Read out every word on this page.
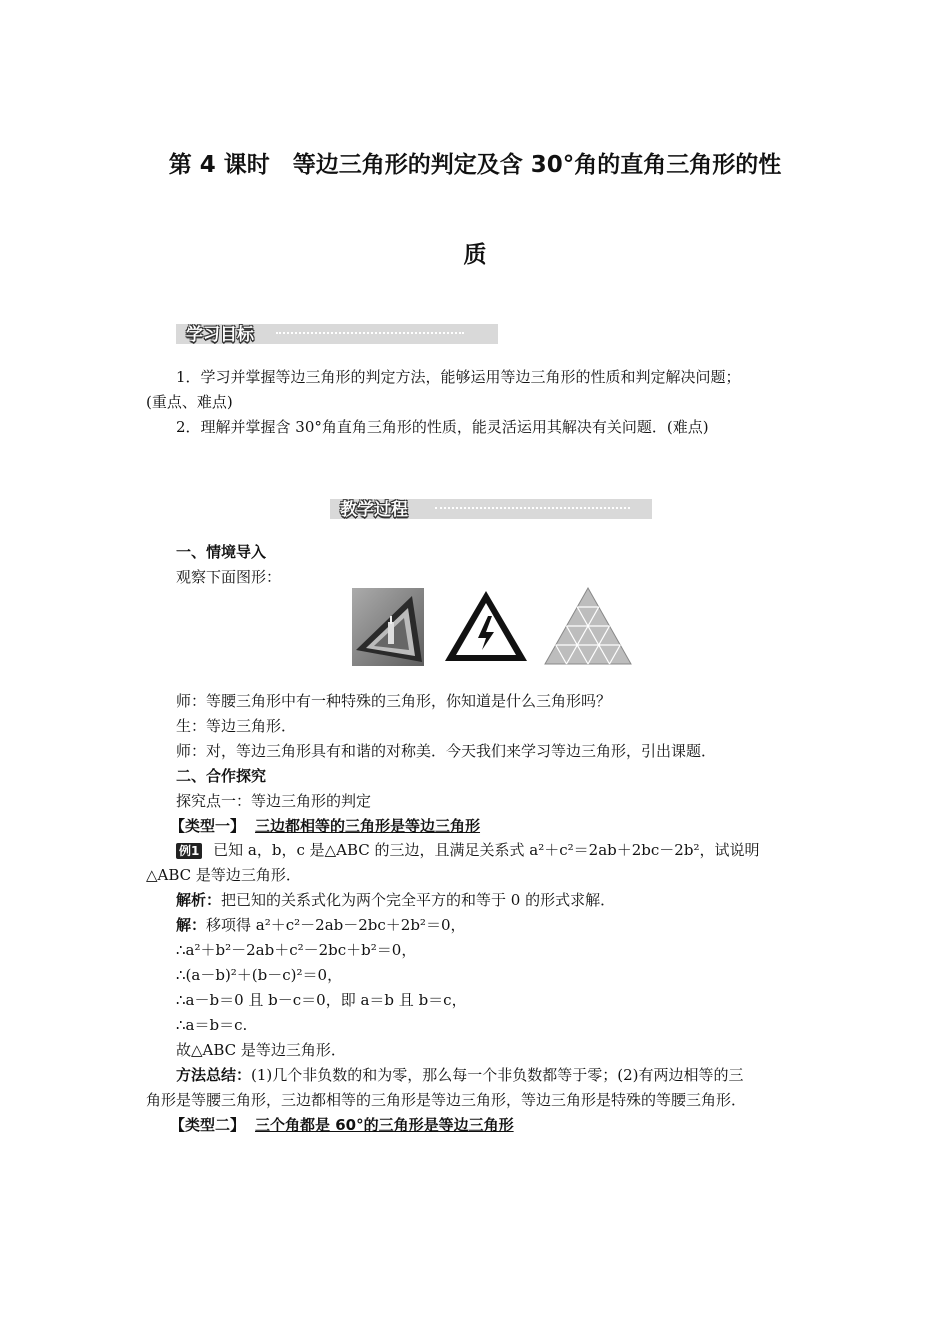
第 4 课时　等边三角形的判定及含 30°角的直角三角形的性
质
学习目标
1．学习并掌握等边三角形的判定方法，能够运用等边三角形的性质和判定解决问题；
(重点、难点)
2．理解并掌握含 30°角直角三角形的性质，能灵活运用其解决有关问题．(难点)
教学过程
一、情境导入
观察下面图形：
师：等腰三角形中有一种特殊的三角形，你知道是什么三角形吗？
生：等边三角形．
师：对，等边三角形具有和谐的对称美．今天我们来学习等边三角形，引出课题．
二、合作探究
探究点一：等边三角形的判定
【类型一】 三边都相等的三角形是等边三角形
例1 已知 a，b，c 是△ABC 的三边，且满足关系式 a²＋c²＝2ab＋2bc－2b²，试说明
△ABC 是等边三角形．
解析：把已知的关系式化为两个完全平方的和等于 0 的形式求解．
解：移项得 a²＋c²－2ab－2bc＋2b²＝0，
∴a²＋b²－2ab＋c²－2bc＋b²＝0，
∴(a－b)²＋(b－c)²＝0，
∴a－b＝0 且 b－c＝0，即 a＝b 且 b＝c，
∴a＝b＝c.
故△ABC 是等边三角形．
方法总结：(1)几个非负数的和为零，那么每一个非负数都等于零；(2)有两边相等的三
角形是等腰三角形，三边都相等的三角形是等边三角形，等边三角形是特殊的等腰三角形．
【类型二】 三个角都是 60°的三角形是等边三角形
